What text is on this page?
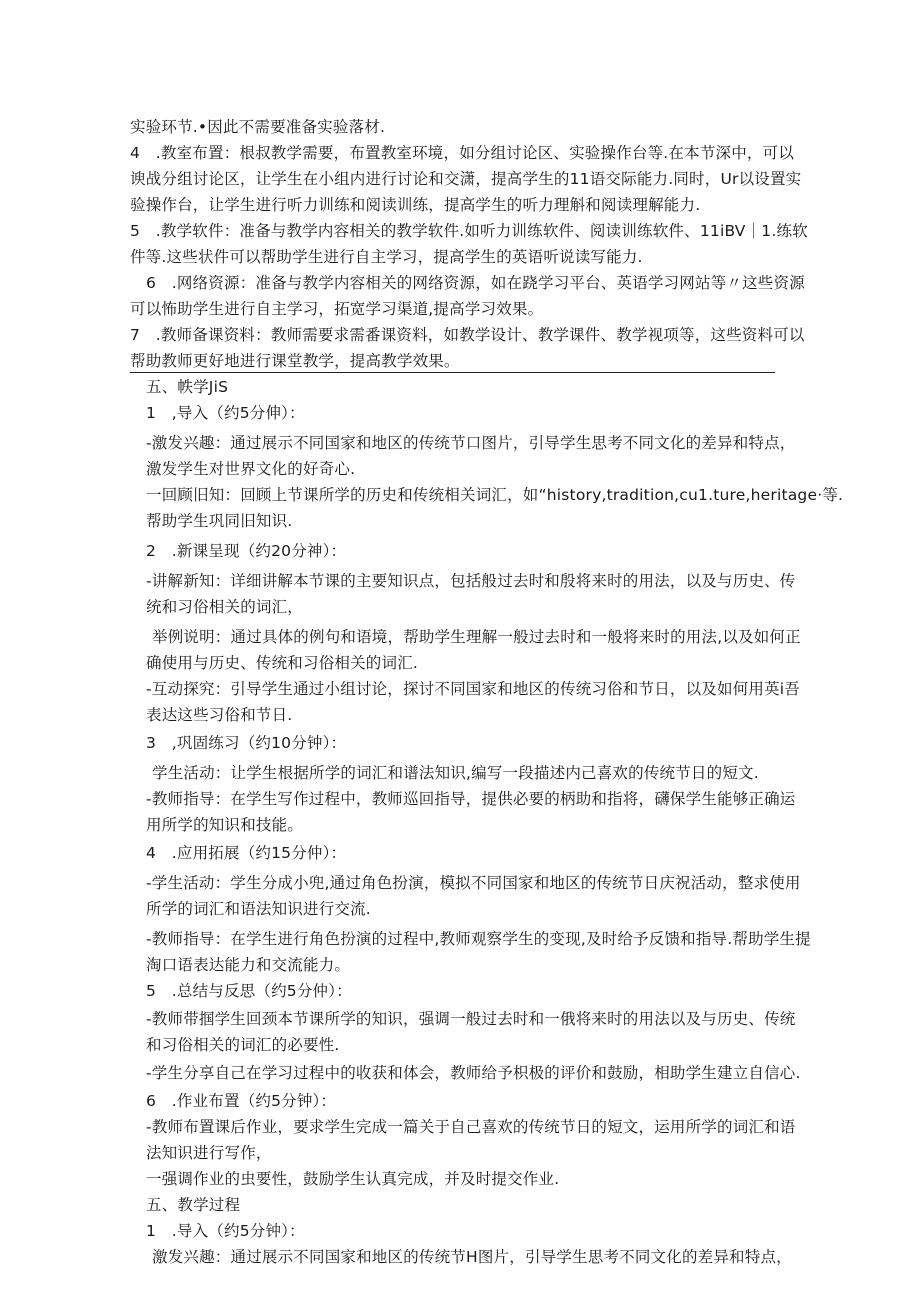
实验环节.•因此不需要准备实验落材.
4　.教室布置：根叔教学需要，布置教室环境，如分组讨论区、实验操作台等.在本节深中，可以
谀战分组讨论区，让学生在小组内进行讨论和交潇，提高学生的11语交际能力.同时，Ur以设置实
验操作台，让学生进行听力训练和阅读训练，提高学生的听力理斛和阅读理解能力.
5　.教学软件：准备与教学内容相关的教学软件.如听力训练软件、阅读训练软件、11iBV｜1.练软
件等.这些状件可以帮助学生进行自主学习，提高学生的英语听说读写能力.
6　.网络资源：准备与教学内容相关的网络资源，如在跷学习平台、英语学习网站等〃这些资源
可以怖助学生进行自主学习，拓宽学习渠道,提高学习效果。
7　.教师备课资料：教师需要求需番课资料，如教学设计、教学课件、教学视项等，这些资料可以
帮助教师更好地进行课堂教学，提高教学效果。
五、帙学JiS
1　,导入（约5分伸）：
-激发兴趣：通过展示不同国家和地区的传统节口图片，引导学生思考不同文化的差异和特点，
激发学生对世界文化的好奇心.
一回顾旧知：回顾上节课所学的历史和传统相关词汇，如“history,tradition,cu1.ture,heritage·等.
帮助学生巩同旧知识.
2　.新课呈现（约20分神）：
-讲解新知：详细讲解本节课的主要知识点，包括般过去时和殷将来时的用法，以及与历史、传
统和习俗相关的词汇，
举例说明：通过具体的例句和语境，帮助学生理解一般过去时和一般将来时的用法,以及如何正
确使用与历史、传统和习俗相关的词汇.
-互动探究：引导学生通过小组讨论，探讨不同国家和地区的传统习俗和节日，以及如何用英i吾
表达这些习俗和节日.
3　,巩固练习（约10分钟）：
学生活动：让学生根据所学的词汇和谱法知识,编写一段描述内己喜欢的传统节日的短文.
-教师指导：在学生写作过程中，教师巡回指导，提供必要的柄助和指将，礴保学生能够正确运
用所学的知识和技能。
4　.应用拓展（约15分仲）：
-学生活动：学生分成小兜,通过角色扮演，模拟不同国家和地区的传统节日庆祝活动，整求使用
所学的词汇和语法知识进行交流.
-教师指导：在学生进行角色扮演的过程中,教师观察学生的变现,及时给予反馈和指导.帮助学生提
淘口语表达能力和交流能力。
5　.总结与反思（约5分仲）：
-教师带掴学生回颈本节课所学的知识，强调一般过去时和一俄将来时的用法以及与历史、传统
和习俗相关的词汇的必要性.
-学生分享自己在学习过程中的收获和体会，教师给予枳极的评价和鼓励，相助学生建立自信心.
6　.作业布置（约5分钟）：
-教师布置课后作业，要求学生完成一篇关于自己喜欢的传统节日的短文，运用所学的词汇和语
法知识进行写作，
一强调作业的虫要性，鼓励学生认真完成，并及时提交作业.
五、教学过程
1　.导入（约5分钟）：
激发兴趣：通过展示不同国家和地区的传统节H图片，引导学生思考不同文化的差异和特点，
